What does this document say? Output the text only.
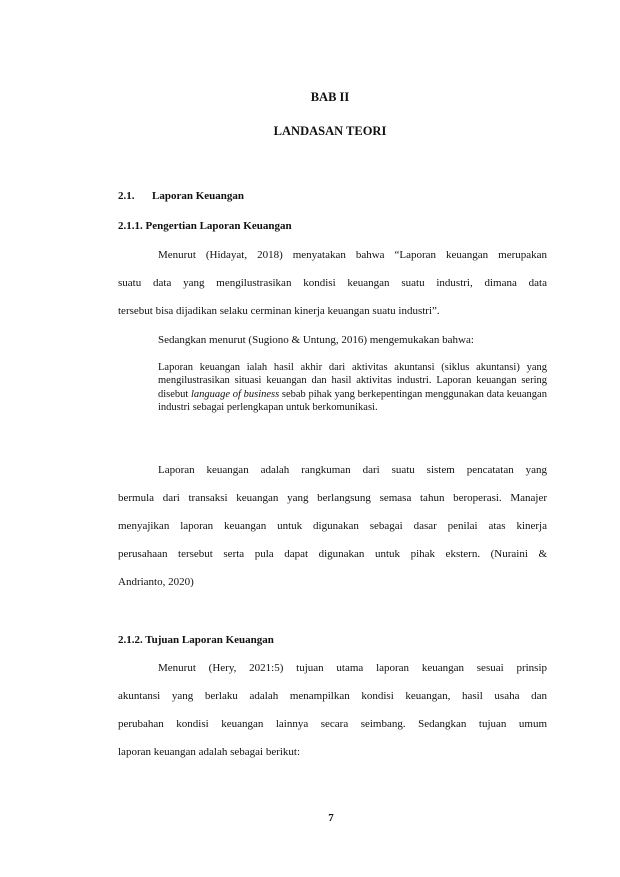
BAB II
LANDASAN TEORI
2.1. Laporan Keuangan
2.1.1. Pengertian Laporan Keuangan
Menurut (Hidayat, 2018) menyatakan bahwa “Laporan keuangan merupakan
suatu data yang mengilustrasikan kondisi keuangan suatu industri, dimana data
tersebut bisa dijadikan selaku cerminan kinerja keuangan suatu industri”.
Sedangkan menurut (Sugiono & Untung, 2016) mengemukakan bahwa:
Laporan keuangan ialah hasil akhir dari aktivitas akuntansi (siklus akuntansi) yang mengilustrasikan situasi keuangan dan hasil aktivitas industri. Laporan keuangan sering disebut language of business sebab pihak yang berkepentingan menggunakan data keuangan industri sebagai perlengkapan untuk berkomunikasi.
Laporan keuangan adalah rangkuman dari suatu sistem pencatatan yang
bermula dari transaksi keuangan yang berlangsung semasa tahun beroperasi. Manajer
menyajikan laporan keuangan untuk digunakan sebagai dasar penilai atas kinerja
perusahaan tersebut serta pula dapat digunakan untuk pihak ekstern. (Nuraini &
Andrianto, 2020)
2.1.2. Tujuan Laporan Keuangan
Menurut (Hery, 2021:5) tujuan utama laporan keuangan sesuai prinsip
akuntansi yang berlaku adalah menampilkan kondisi keuangan, hasil usaha dan
perubahan kondisi keuangan lainnya secara seimbang. Sedangkan tujuan umum
laporan keuangan adalah sebagai berikut:
7
